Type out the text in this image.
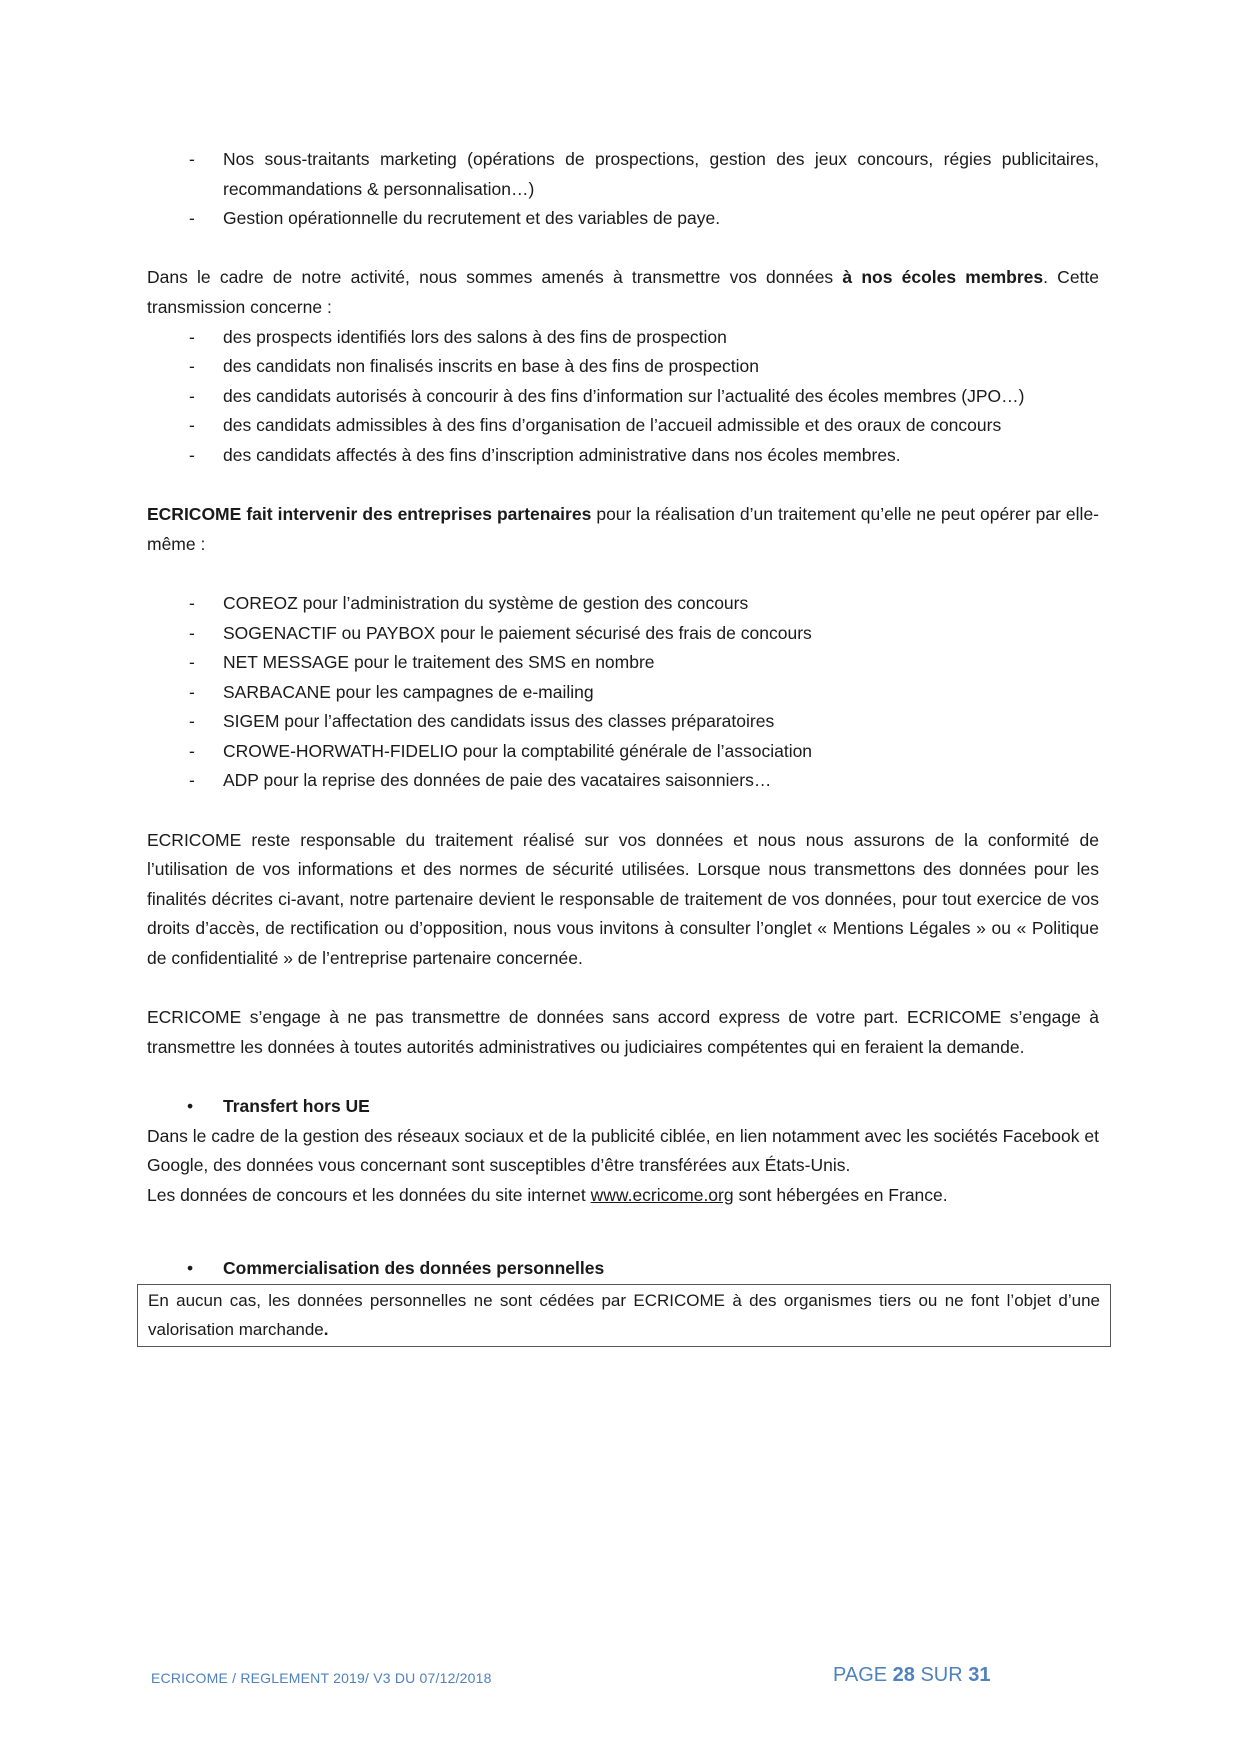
- Nos sous-traitants marketing (opérations de prospections, gestion des jeux concours, régies publicitaires, recommandations & personnalisation…)
- Gestion opérationnelle du recrutement et des variables de paye.

Dans le cadre de notre activité, nous sommes amenés à transmettre vos données à nos écoles membres. Cette transmission concerne :

- des prospects identifiés lors des salons à des fins de prospection
- des candidats non finalisés inscrits en base à des fins de prospection
- des candidats autorisés à concourir à des fins d’information sur l’actualité des écoles membres (JPO…)
- des candidats admissibles à des fins d’organisation de l’accueil admissible et des oraux de concours
- des candidats affectés à des fins d’inscription administrative dans nos écoles membres.

ECRICOME fait intervenir des entreprises partenaires pour la réalisation d’un traitement qu’elle ne peut opérer par elle-même :

- COREOZ pour l’administration du système de gestion des concours
- SOGENACTIF ou PAYBOX pour le paiement sécurisé des frais de concours
- NET MESSAGE pour le traitement des SMS en nombre
- SARBACANE pour les campagnes de e-mailing
- SIGEM pour l’affectation des candidats issus des classes préparatoires
- CROWE-HORWATH-FIDELIO pour la comptabilité générale de l’association
- ADP pour la reprise des données de paie des vacataires saisonniers…

ECRICOME reste responsable du traitement réalisé sur vos données et nous nous assurons de la conformité de l’utilisation de vos informations et des normes de sécurité utilisées. Lorsque nous transmettons des données pour les finalités décrites ci-avant, notre partenaire devient le responsable de traitement de vos données, pour tout exercice de vos droits d’accès, de rectification ou d’opposition, nous vous invitons à consulter l’onglet « Mentions Légales » ou « Politique de confidentialité » de l’entreprise partenaire concernée.

ECRICOME s’engage à ne pas transmettre de données sans accord express de votre part. ECRICOME s’engage à transmettre les données à toutes autorités administratives ou judiciaires compétentes qui en feraient la demande.

• Transfert hors UE

Dans le cadre de la gestion des réseaux sociaux et de la publicité ciblée, en lien notamment avec les sociétés Facebook et Google, des données vous concernant sont susceptibles d’être transférées aux États-Unis.

Les données de concours et les données du site internet www.ecricome.org sont hébergées en France.

• Commercialisation des données personnelles
En aucun cas, les données personnelles ne sont cédées par ECRICOME à des organismes tiers ou ne font l’objet d’une valorisation marchande.
ECRICOME / REGLEMENT 2019/ V3 DU 07/12/2018	PAGE 28 SUR 31
